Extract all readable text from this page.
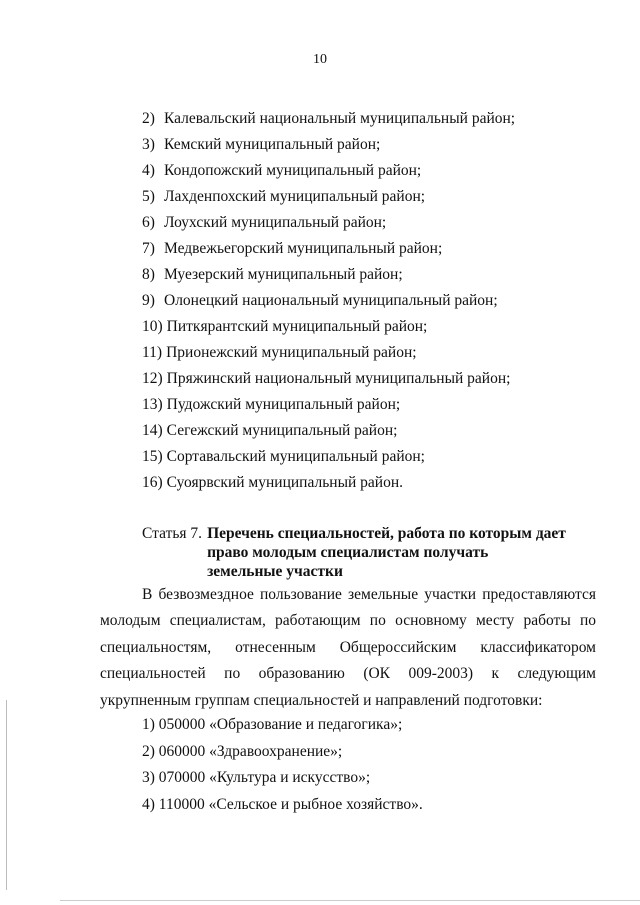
10
2) Калевальский национальный муниципальный район;
3) Кемский муниципальный район;
4) Кондопожский муниципальный район;
5) Лахденпохский муниципальный район;
6) Лоухский муниципальный район;
7) Медвежьегорский муниципальный район;
8) Муезерский муниципальный район;
9) Олонецкий национальный муниципальный район;
10) Питкярантский муниципальный район;
11) Прионежский муниципальный район;
12) Пряжинский национальный муниципальный район;
13) Пудожский муниципальный район;
14) Сегежский муниципальный район;
15) Сортавальский муниципальный район;
16) Суоярвский муниципальный район.
Статья 7. Перечень специальностей, работа по которым дает
право молодым специалистам получать
земельные участки

В безвозмездное пользование земельные участки предоставляются молодым специалистам, работающим по основному месту работы по специальностям, отнесенным Общероссийским классификатором специальностей по образованию (ОК 009-2003) к следующим укрупненным группам специальностей и направлений подготовки:

1) 050000 «Образование и педагогика»;
2) 060000 «Здравоохранение»;
3) 070000 «Культура и искусство»;
4) 110000 «Сельское и рыбное хозяйство».
